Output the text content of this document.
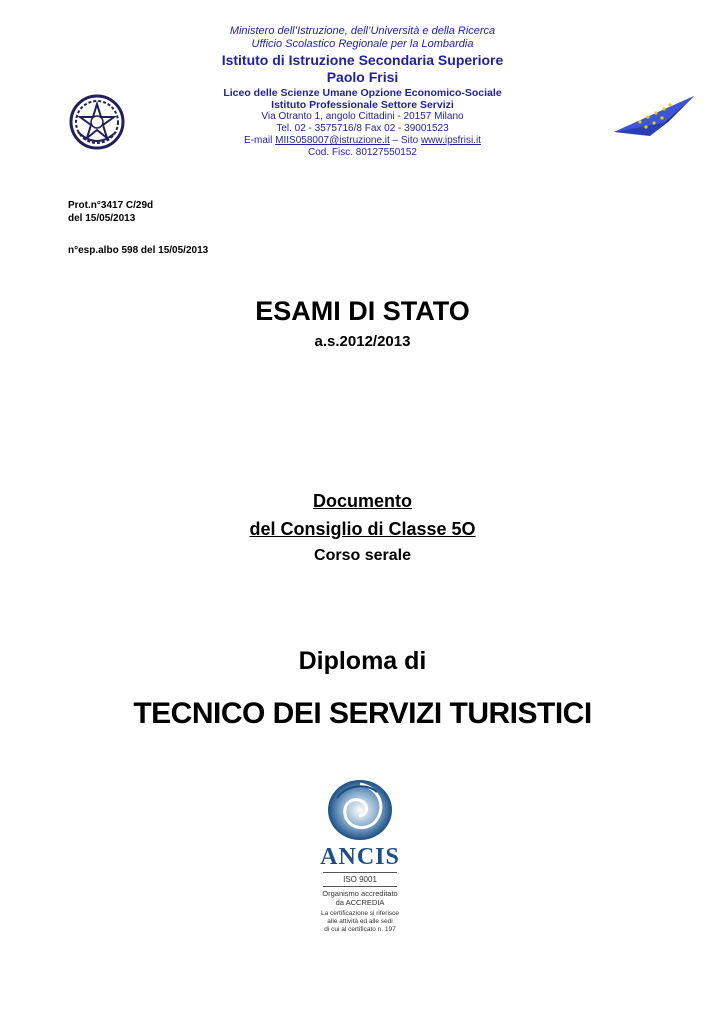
Ministero dell’Istruzione, dell’Università e della Ricerca
Ufficio Scolastico Regionale per la Lombardia
Istituto di Istruzione Secondaria Superiore
Paolo Frisi
Liceo delle Scienze Umane Opzione Economico-Sociale
Istituto Professionale Settore Servizi
Via Otranto 1, angolo Cittadini - 20157 Milano
Tel. 02 - 3575716/8 Fax 02 - 39001523
E-mail MIIS058007@istruzione.it – Sito www.ipsfrisi.it
Cod. Fisc. 80127550152
Prot.n°3417 C/29d
del 15/05/2013
n°esp.albo 598 del 15/05/2013
ESAMI DI STATO
a.s.2012/2013
Documento
del Consiglio di Classe 5O
Corso serale
Diploma di
TECNICO DEI SERVIZI TURISTICI
ANCIS
ISO 9001
Organismo accreditato
da ACCREDIA
La certificazione si riferisce
alle attività ed alle sedi
di cui al certificato n. 197
